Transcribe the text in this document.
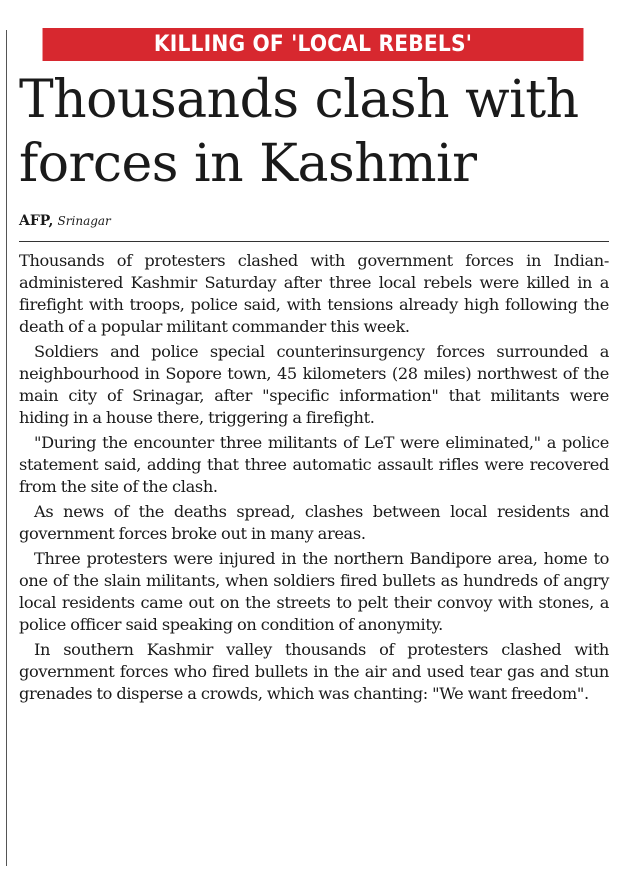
KILLING OF 'LOCAL REBELS'
Thousands clash with
forces in Kashmir
AFP, Srinagar

Thousands of protesters clashed with government forces in Indian-administered Kashmir Saturday after three local rebels were killed in a firefight with troops, police said, with tensions already high following the death of a popular militant commander this week.

Soldiers and police special counterinsurgency forces surrounded a neighbourhood in Sopore town, 45 kilometers (28 miles) northwest of the main city of Srinagar, after "specific information" that militants were hiding in a house there, triggering a firefight.

"During the encounter three militants of LeT were eliminated," a police statement said, adding that three automatic assault rifles were recovered from the site of the clash.

As news of the deaths spread, clashes between local residents and government forces broke out in many areas.

Three protesters were injured in the northern Bandipore area, home to one of the slain militants, when soldiers fired bullets as hundreds of angry local residents came out on the streets to pelt their convoy with stones, a police officer said speaking on condition of anonymity.

In southern Kashmir valley thousands of protesters clashed with government forces who fired bullets in the air and used tear gas and stun grenades to disperse a crowds, which was chanting: "We want freedom".
